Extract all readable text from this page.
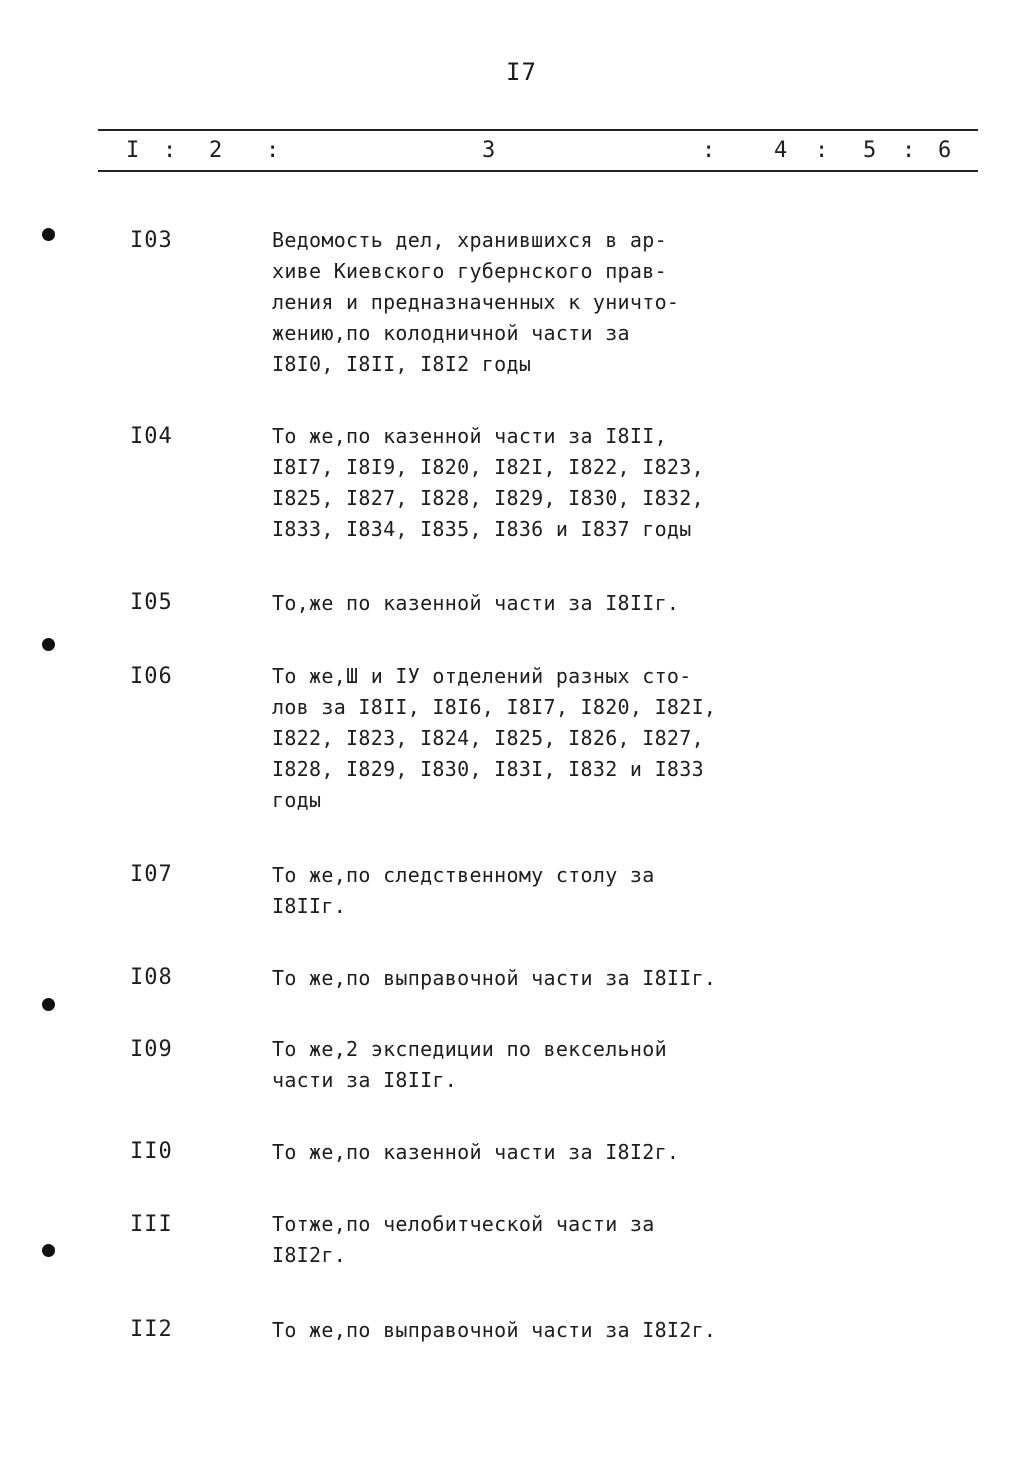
I7
I : 2 :	3	:	4 : 5 : 6
I03	Ведомость дел, хранившихся в ар-
хиве Киевского губернского прав-
ления и предназначенных к уничто-
жению,по колодничной части за
I8I0, I8II, I8I2 годы
I04	То же,по казенной части за I8II,
I8I7, I8I9, I820, I82I, I822, I823,
I825, I827, I828, I829, I830, I832,
I833, I834, I835, I836 и I837 годы
I05	То,же по казенной части за I8IIг.
I06	То же,Ш и IУ отделений разных сто-
лов за I8II, I8I6, I8I7, I820, I82I,
I822, I823, I824, I825, I826, I827,
I828, I829, I830, I83I, I832 и I833
годы
I07	То же,по следственному столу за
I8IIг.
I08	То же,по выправочной части за I8IIг.
I09	То же,2 экспедиции по вексельной
части за I8IIг.
II0	То же,по казенной части за I8I2г.
III	Тотже,по челобитческой части за
I8I2г.
II2	То же,по выправочной части за I8I2г.
